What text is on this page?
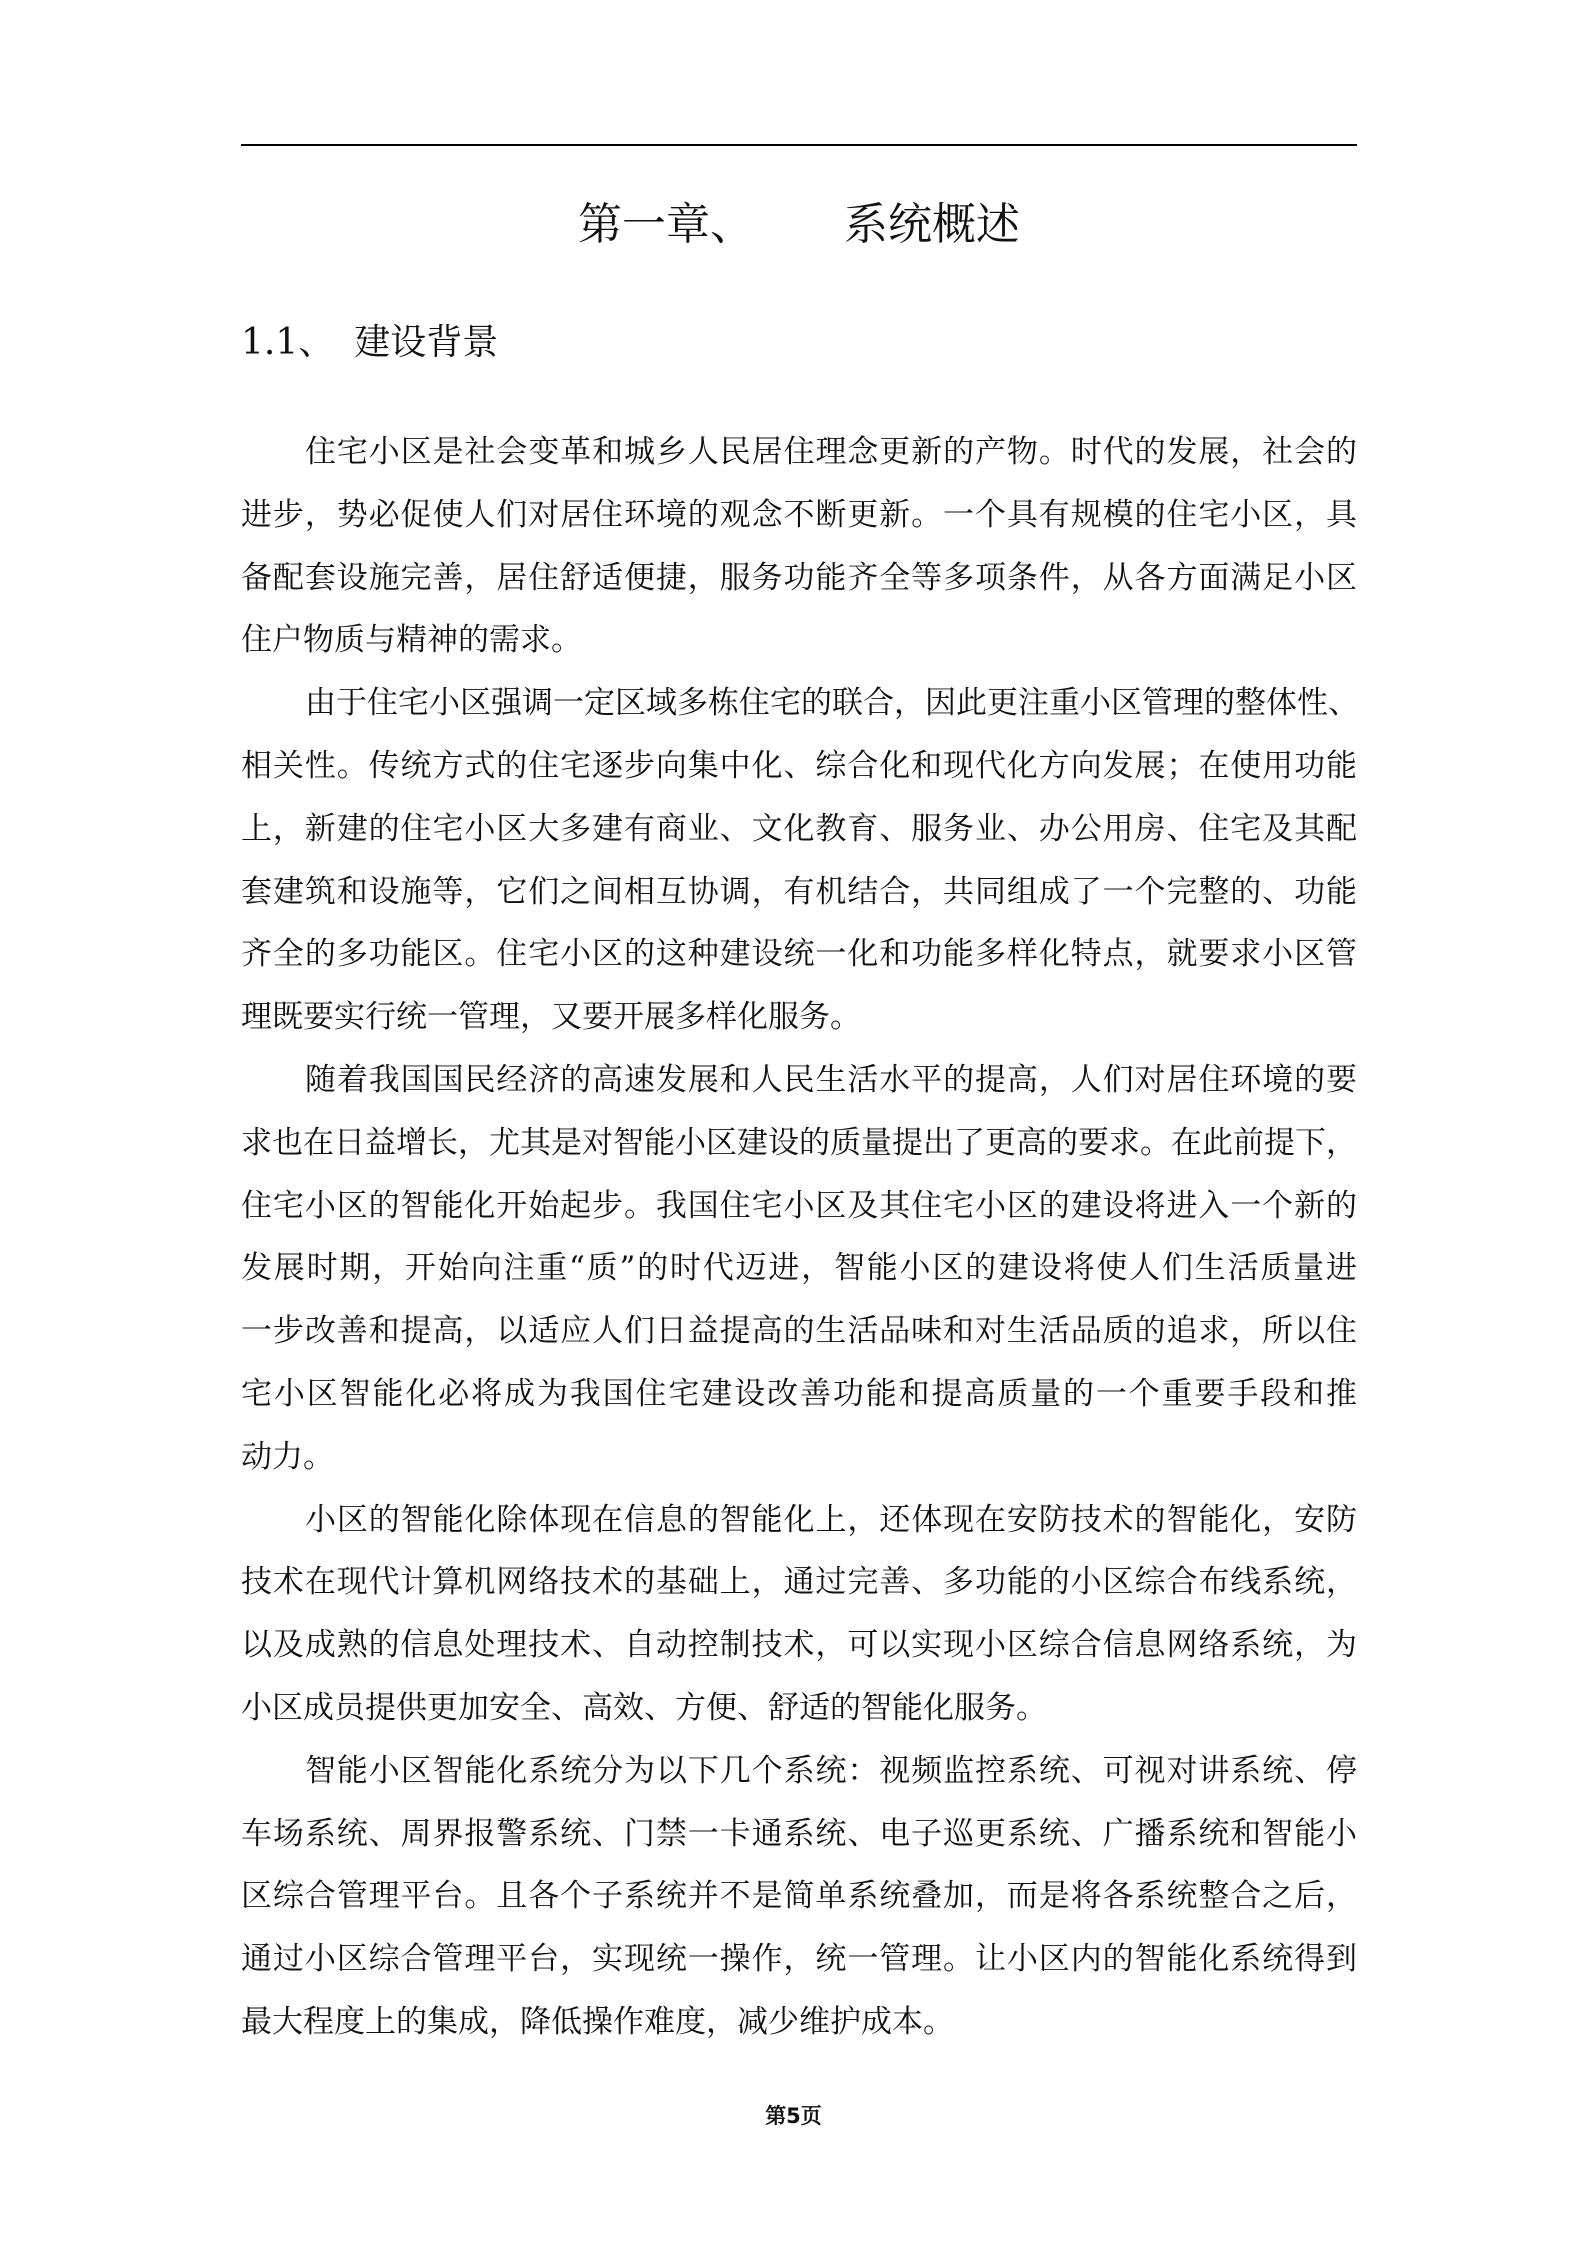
第一章、 系统概述
1.1、 建设背景
住宅小区是社会变革和城乡人民居住理念更新的产物。时代的发展，社会的
进步，势必促使人们对居住环境的观念不断更新。一个具有规模的住宅小区，具
备配套设施完善，居住舒适便捷，服务功能齐全等多项条件，从各方面满足小区
住户物质与精神的需求。
由于住宅小区强调一定区域多栋住宅的联合，因此更注重小区管理的整体性、
相关性。传统方式的住宅逐步向集中化、综合化和现代化方向发展；在使用功能
上，新建的住宅小区大多建有商业、文化教育、服务业、办公用房、住宅及其配
套建筑和设施等，它们之间相互协调，有机结合，共同组成了一个完整的、功能
齐全的多功能区。住宅小区的这种建设统一化和功能多样化特点，就要求小区管
理既要实行统一管理，又要开展多样化服务。
随着我国国民经济的高速发展和人民生活水平的提高，人们对居住环境的要
求也在日益增长，尤其是对智能小区建设的质量提出了更高的要求。在此前提下，
住宅小区的智能化开始起步。我国住宅小区及其住宅小区的建设将进入一个新的
发展时期，开始向注重“质”的时代迈进，智能小区的建设将使人们生活质量进
一步改善和提高，以适应人们日益提高的生活品味和对生活品质的追求，所以住
宅小区智能化必将成为我国住宅建设改善功能和提高质量的一个重要手段和推
动力。
小区的智能化除体现在信息的智能化上，还体现在安防技术的智能化，安防
技术在现代计算机网络技术的基础上，通过完善、多功能的小区综合布线系统，
以及成熟的信息处理技术、自动控制技术，可以实现小区综合信息网络系统，为
小区成员提供更加安全、高效、方便、舒适的智能化服务。
智能小区智能化系统分为以下几个系统：视频监控系统、可视对讲系统、停
车场系统、周界报警系统、门禁一卡通系统、电子巡更系统、广播系统和智能小
区综合管理平台。且各个子系统并不是简单系统叠加，而是将各系统整合之后，
通过小区综合管理平台，实现统一操作，统一管理。让小区内的智能化系统得到
最大程度上的集成，降低操作难度，减少维护成本。
第5页
